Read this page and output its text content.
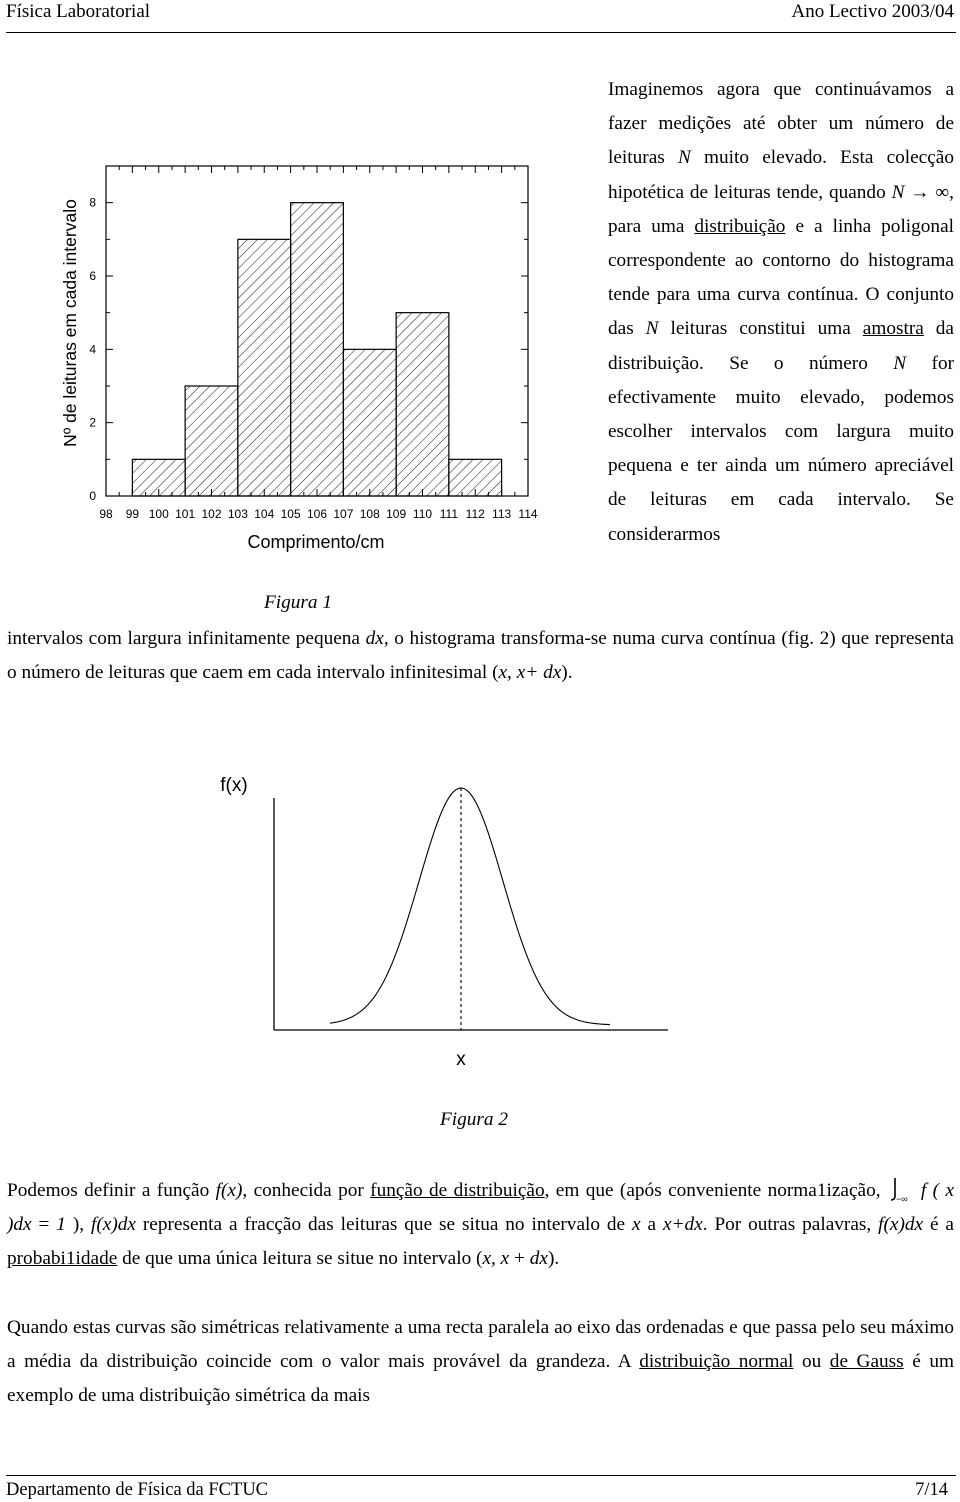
Física Laboratorial	Ano Lectivo 2003/04
98 99 100 101 102 103 104 105 106 107 108 109 110 111 112 113 114
0
2
4
6
8
Comprimento/cm
Nº de leituras em cada intervalo
Figura 1

Imaginemos agora que continuávamos a fazer medições até obter um número de leituras N muito elevado. Esta colecção hipotética de leituras tende, quando N → ∞, para uma distribuição e a linha poligonal correspondente ao contorno do histograma tende para uma curva contínua. O conjunto das N leituras constitui uma amostra da distribuição. Se o número N for efectivamente muito elevado, podemos escolher intervalos com largura muito pequena e ter ainda um número apreciável de leituras em cada intervalo. Se considerarmos

intervalos com largura infinitamente pequena dx, o histograma transforma-se numa curva contínua (fig. 2) que representa o número de leituras que caem em cada intervalo infinitesimal (x, x+ dx).

f(x)
x
Figura 2

Podemos definir a função f(x), conhecida por função de distribuição, em que (após conveniente norma1ização, −∞ f ( x )dx = 1 ), f(x)dx representa a fracção das leituras que se situa no intervalo de x a x+dx. Por outras palavras, f(x)dx é a probabi1idade de que uma única leitura se situe no intervalo (x, x + dx).

Quando estas curvas são simétricas relativamente a uma recta paralela ao eixo das ordenadas e que passa pelo seu máximo a média da distribuição coincide com o valor mais provável da grandeza. A distribuição normal ou de Gauss é um exemplo de uma distribuição simétrica da mais

Departamento de Física da FCTUC	7/14
